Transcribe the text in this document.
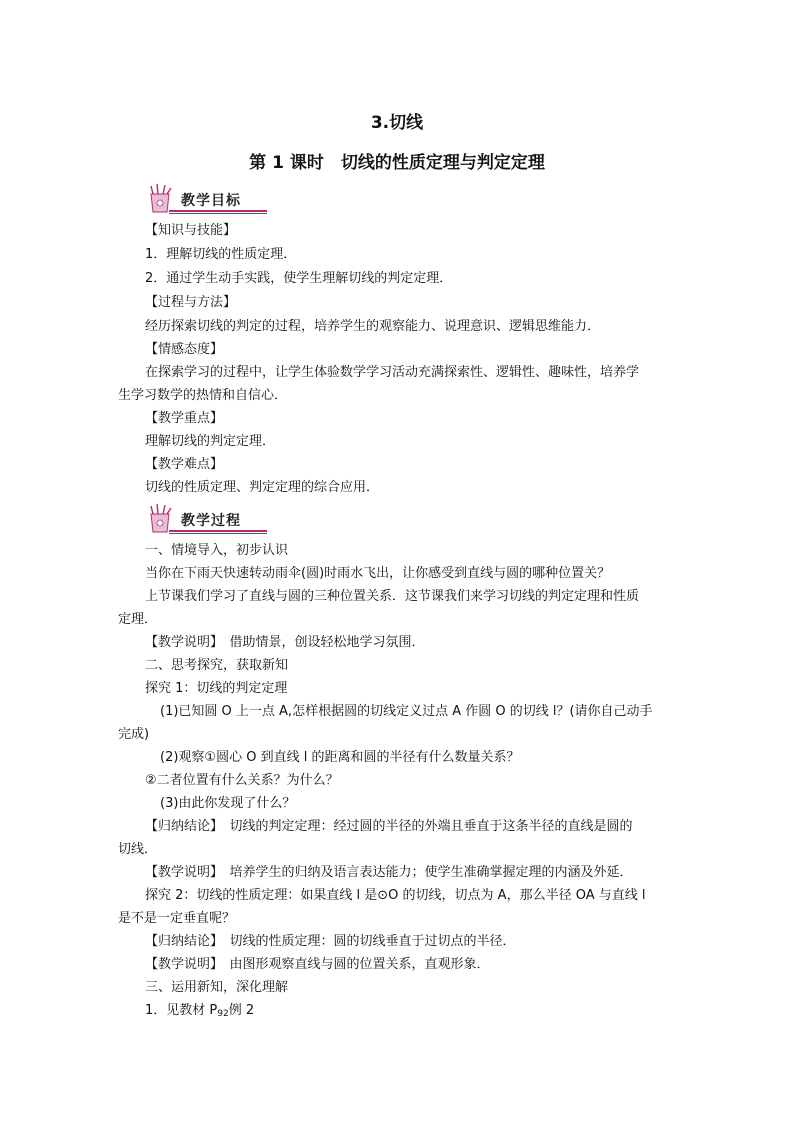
3.切线
第 1 课时　切线的性质定理与判定定理
教学目标

【知识与技能】

1．理解切线的性质定理．

2．通过学生动手实践，使学生理解切线的判定定理．

【过程与方法】

经历探索切线的判定的过程，培养学生的观察能力、说理意识、逻辑思维能力．

【情感态度】

在探索学习的过程中，让学生体验数学学习活动充满探索性、逻辑性、趣味性，培养学

生学习数学的热情和自信心．

【教学重点】

理解切线的判定定理．

【教学难点】

切线的性质定理、判定定理的综合应用．

教学过程

一、情境导入，初步认识

当你在下雨天快速转动雨伞(圆)时雨水飞出，让你感受到直线与圆的哪种位置关？

上节课我们学习了直线与圆的三种位置关系．这节课我们来学习切线的判定定理和性质

定理．

【教学说明】　借助情景，创设轻松地学习氛围．

二、思考探究，获取新知

探究 1：切线的判定定理

(1)已知圆 O 上一点 A,怎样根据圆的切线定义过点 A 作圆 O 的切线 l？(请你自己动手

完成)

(2)观察①圆心 O 到直线 l 的距离和圆的半径有什么数量关系？

②二者位置有什么关系？为什么？

(3)由此你发现了什么？

【归纳结论】　切线的判定定理：经过圆的半径的外端且垂直于这条半径的直线是圆的

切线．

【教学说明】　培养学生的归纳及语言表达能力；使学生准确掌握定理的内涵及外延．

探究 2：切线的性质定理：如果直线 l 是⊙O 的切线，切点为 A，那么半径 OA 与直线 l

是不是一定垂直呢？

【归纳结论】　切线的性质定理：圆的切线垂直于过切点的半径．

【教学说明】　由图形观察直线与圆的位置关系，直观形象．

三、运用新知，深化理解

1．见教材 $P_{92}$例 2
